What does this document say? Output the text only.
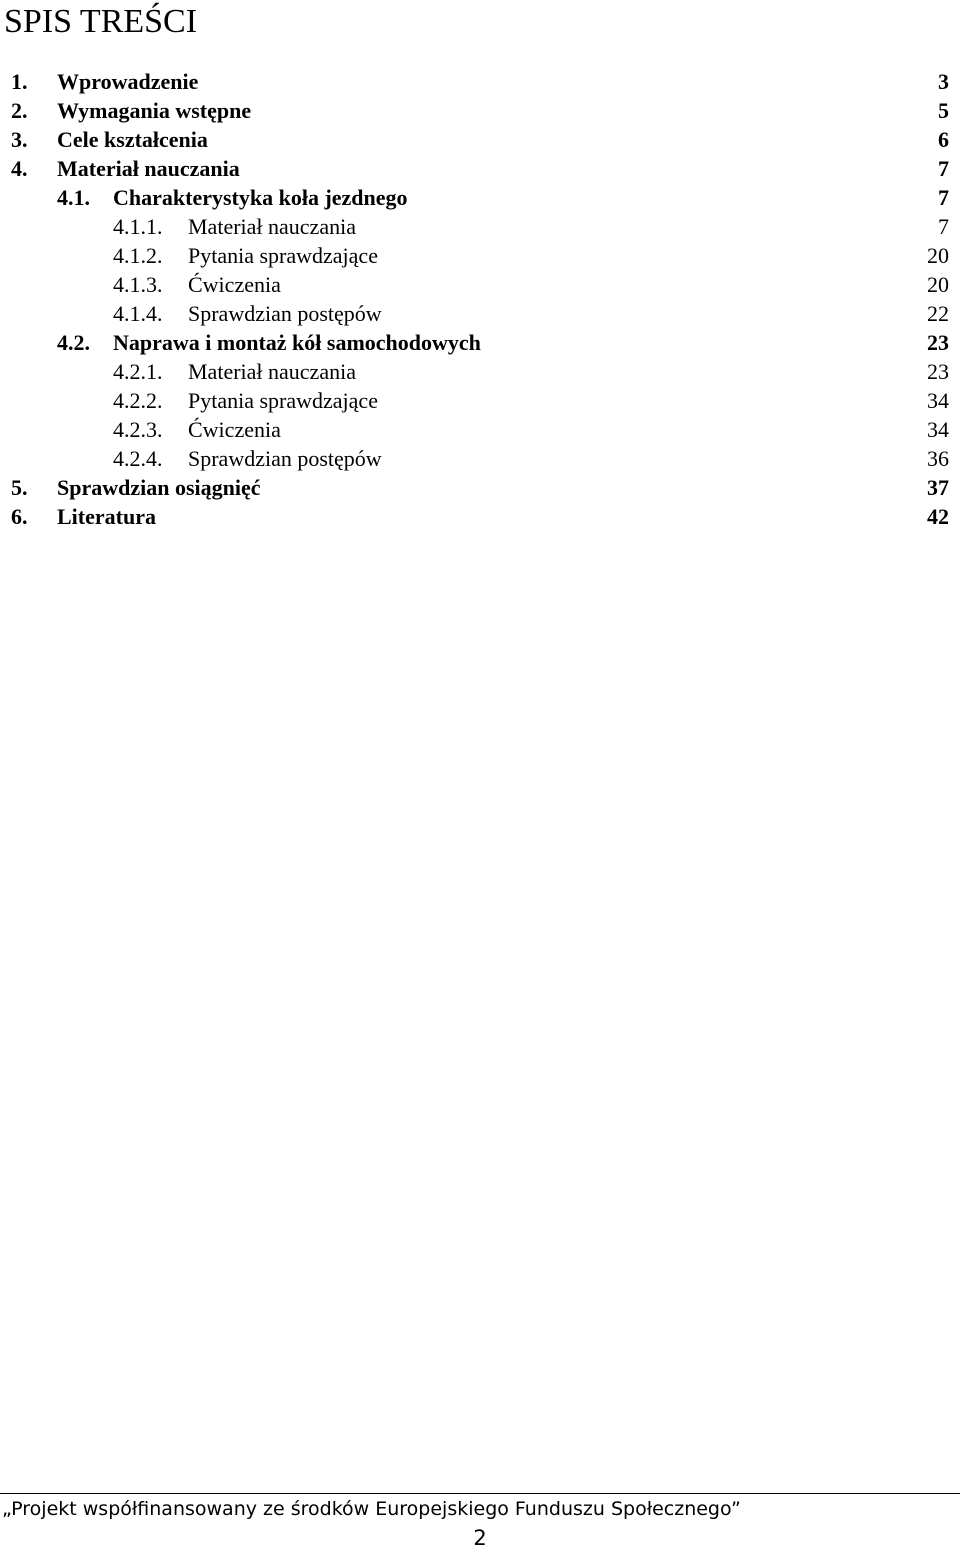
SPIS TREŚCI
1. Wprowadzenie	3
2. Wymagania wstępne	5
3. Cele kształcenia	6
4. Materiał nauczania	7
4.1. Charakterystyka koła jezdnego	7
4.1.1. Materiał nauczania	7
4.1.2. Pytania sprawdzające	20
4.1.3. Ćwiczenia	20
4.1.4. Sprawdzian postępów	22
4.2. Naprawa i montaż kół samochodowych	23
4.2.1. Materiał nauczania	23
4.2.2. Pytania sprawdzające	34
4.2.3. Ćwiczenia	34
4.2.4. Sprawdzian postępów	36
5. Sprawdzian osiągnięć	37
6. Literatura	42
„Projekt współfinansowany ze środków Europejskiego Funduszu Społecznego”
2
